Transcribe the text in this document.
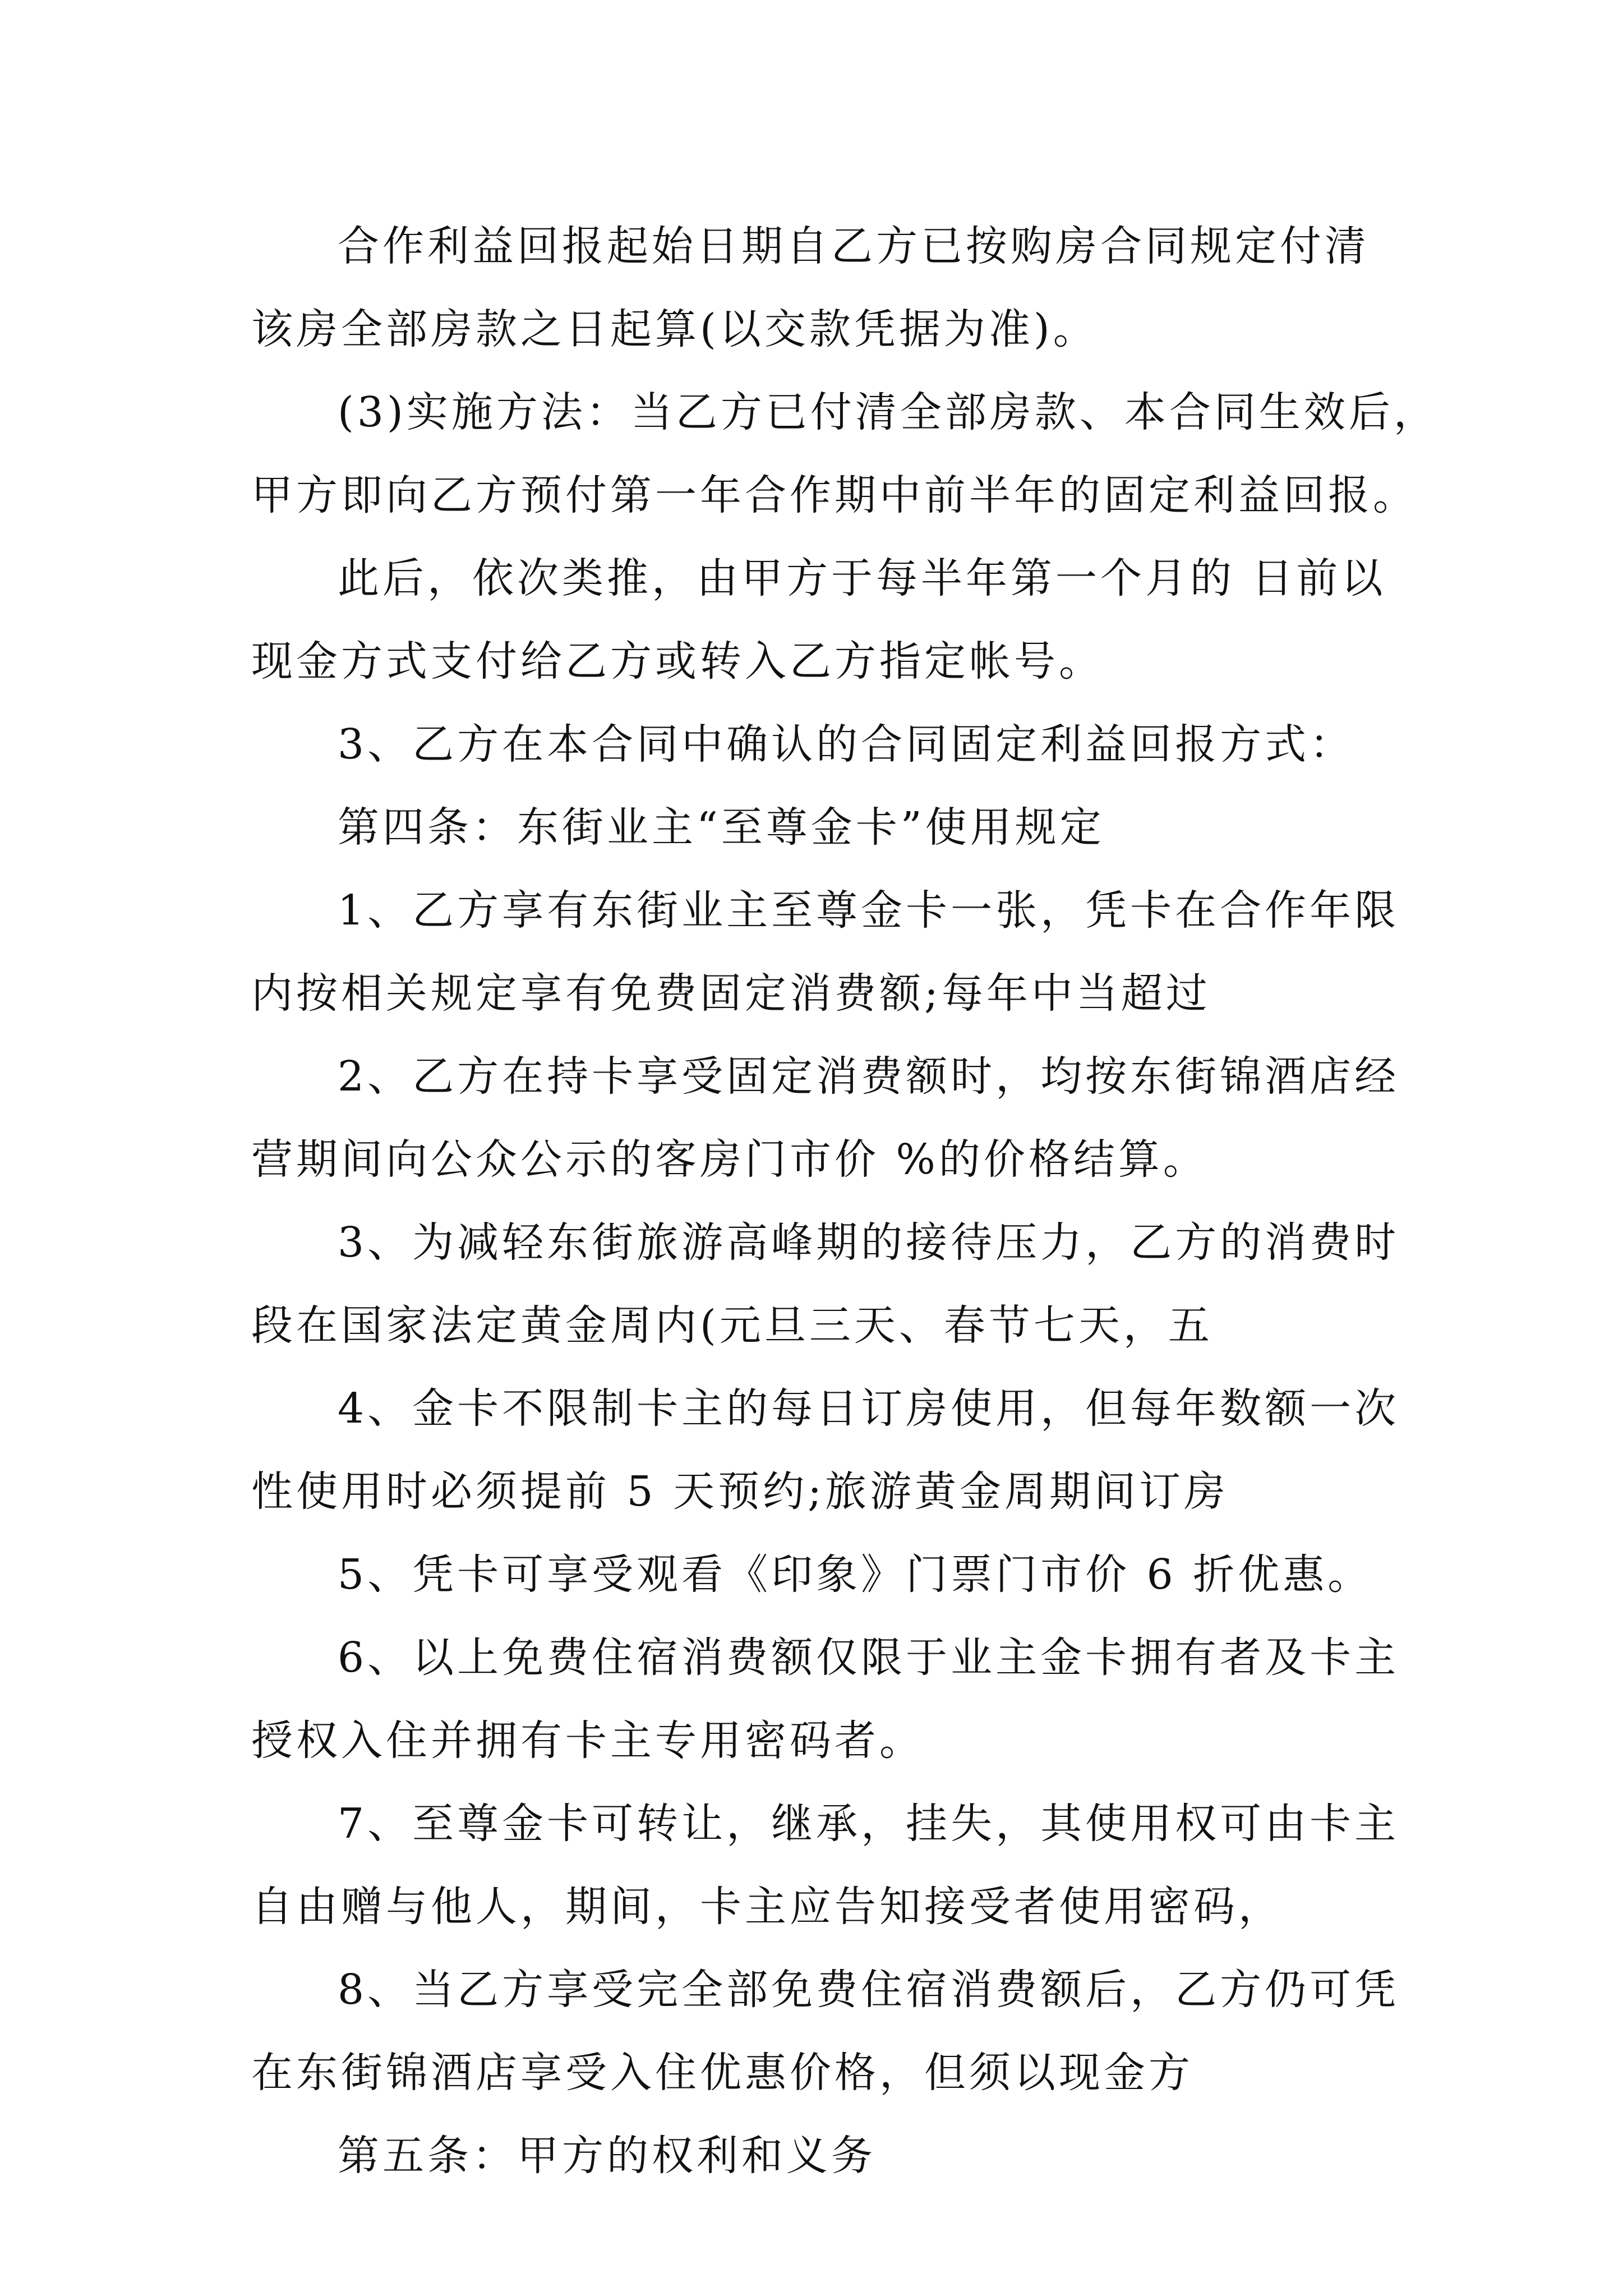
合作利益回报起始日期自乙方已按购房合同规定付清
该房全部房款之日起算(以交款凭据为准)。
(3)实施方法：当乙方已付清全部房款、本合同生效后，
甲方即向乙方预付第一年合作期中前半年的固定利益回报。
此后，依次类推，由甲方于每半年第一个月的 日前以
现金方式支付给乙方或转入乙方指定帐号。
3、乙方在本合同中确认的合同固定利益回报方式：
第四条：东街业主“至尊金卡”使用规定
1、乙方享有东街业主至尊金卡一张，凭卡在合作年限
内按相关规定享有免费固定消费额;每年中当超过
2、乙方在持卡享受固定消费额时，均按东街锦酒店经
营期间向公众公示的客房门市价 %的价格结算。
3、为减轻东街旅游高峰期的接待压力，乙方的消费时
段在国家法定黄金周内(元旦三天、春节七天，五
4、金卡不限制卡主的每日订房使用，但每年数额一次
性使用时必须提前 5 天预约;旅游黄金周期间订房
5、凭卡可享受观看《印象》门票门市价 6 折优惠。
6、以上免费住宿消费额仅限于业主金卡拥有者及卡主
授权入住并拥有卡主专用密码者。
7、至尊金卡可转让，继承，挂失，其使用权可由卡主
自由赠与他人，期间，卡主应告知接受者使用密码，
8、当乙方享受完全部免费住宿消费额后，乙方仍可凭
在东街锦酒店享受入住优惠价格，但须以现金方
第五条：甲方的权利和义务
